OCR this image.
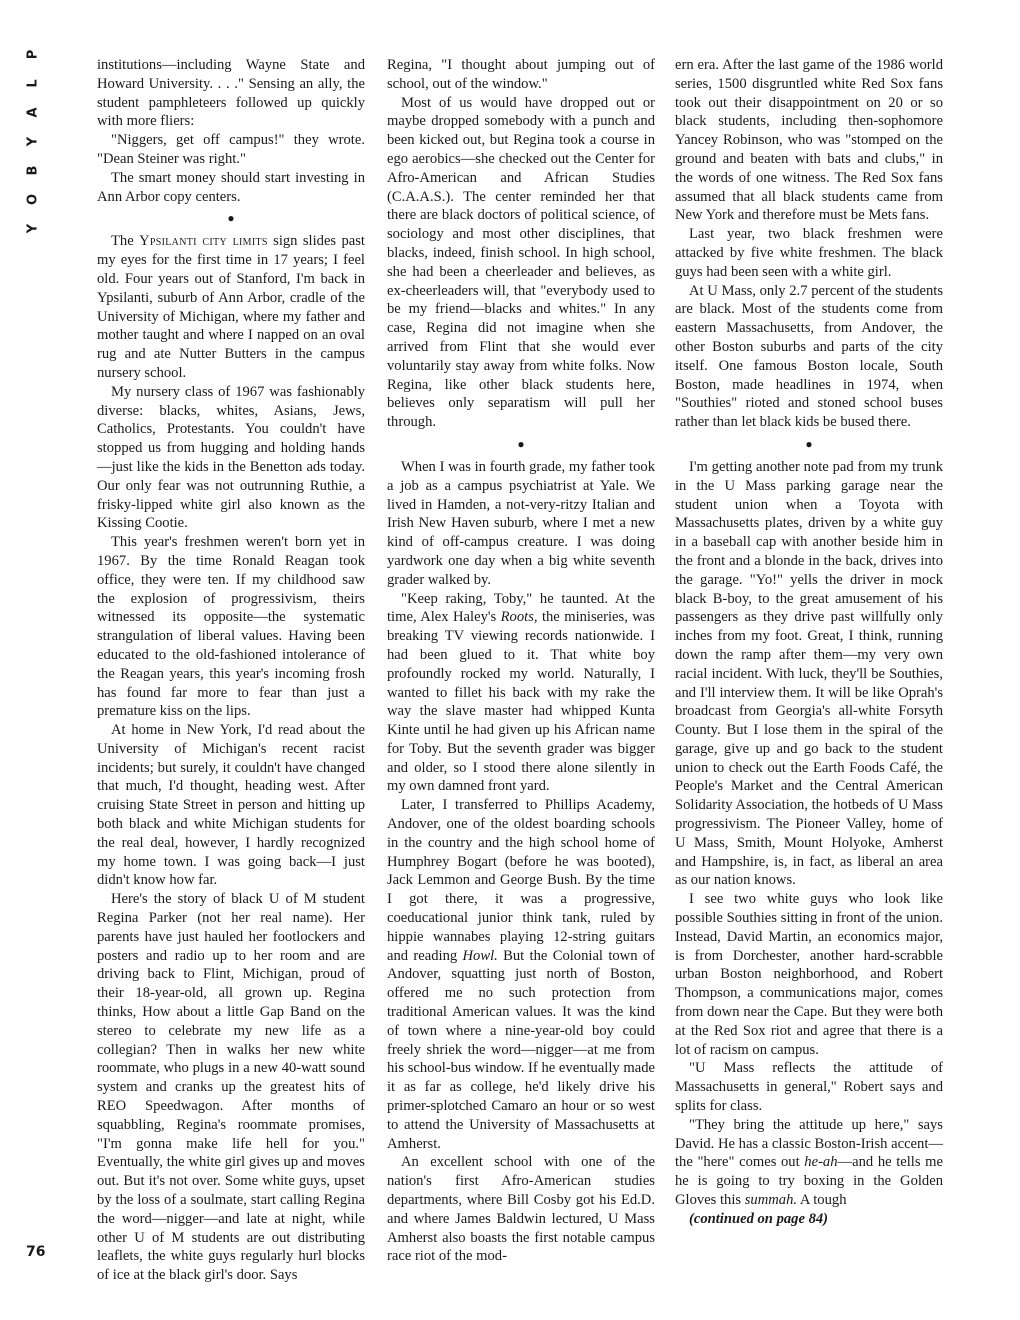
P
L
A
Y
B
O
Y
76

institutions—including Wayne State and Howard University. . . ." Sensing an ally, the student pamphleteers followed up quickly with more fliers:

"Niggers, get off campus!" they wrote. "Dean Steiner was right."

The smart money should start investing in Ann Arbor copy centers.

●

The Ypsilanti city limits sign slides past my eyes for the first time in 17 years; I feel old. Four years out of Stanford, I'm back in Ypsilanti, suburb of Ann Arbor, cradle of the University of Michigan, where my father and mother taught and where I napped on an oval rug and ate Nutter Butters in the campus nursery school.

My nursery class of 1967 was fashionably diverse: blacks, whites, Asians, Jews, Catholics, Protestants. You couldn't have stopped us from hugging and holding hands—just like the kids in the Benetton ads today. Our only fear was not outrunning Ruthie, a frisky-lipped white girl also known as the Kissing Cootie.

This year's freshmen weren't born yet in 1967. By the time Ronald Reagan took office, they were ten. If my childhood saw the explosion of progressivism, theirs witnessed its opposite—the systematic strangulation of liberal values. Having been educated to the old-fashioned intolerance of the Reagan years, this year's incoming frosh has found far more to fear than just a premature kiss on the lips.

At home in New York, I'd read about the University of Michigan's recent racist incidents; but surely, it couldn't have changed that much, I'd thought, heading west. After cruising State Street in person and hitting up both black and white Michigan students for the real deal, however, I hardly recognized my home town. I was going back—I just didn't know how far.

Here's the story of black U of M student Regina Parker (not her real name). Her parents have just hauled her footlockers and posters and radio up to her room and are driving back to Flint, Michigan, proud of their 18-year-old, all grown up. Regina thinks, How about a little Gap Band on the stereo to celebrate my new life as a collegian? Then in walks her new white roommate, who plugs in a new 40-watt sound system and cranks up the greatest hits of REO Speedwagon. After months of squabbling, Regina's roommate promises, "I'm gonna make life hell for you." Eventually, the white girl gives up and moves out. But it's not over. Some white guys, upset by the loss of a soulmate, start calling Regina the word—nigger—and late at night, while other U of M students are out distributing leaflets, the white guys regularly hurl blocks of ice at the black girl's door. Says

Regina, "I thought about jumping out of school, out of the window."

Most of us would have dropped out or maybe dropped somebody with a punch and been kicked out, but Regina took a course in ego aerobics—she checked out the Center for Afro-American and African Studies (C.A.A.S.). The center reminded her that there are black doctors of political science, of sociology and most other disciplines, that blacks, indeed, finish school. In high school, she had been a cheerleader and believes, as ex-cheerleaders will, that "everybody used to be my friend—blacks and whites." In any case, Regina did not imagine when she arrived from Flint that she would ever voluntarily stay away from white folks. Now Regina, like other black students here, believes only separatism will pull her through.

●

When I was in fourth grade, my father took a job as a campus psychiatrist at Yale. We lived in Hamden, a not-very-ritzy Italian and Irish New Haven suburb, where I met a new kind of off-campus creature. I was doing yardwork one day when a big white seventh grader walked by.

"Keep raking, Toby," he taunted. At the time, Alex Haley's Roots, the miniseries, was breaking TV viewing records nationwide. I had been glued to it. That white boy profoundly rocked my world. Naturally, I wanted to fillet his back with my rake the way the slave master had whipped Kunta Kinte until he had given up his African name for Toby. But the seventh grader was bigger and older, so I stood there alone silently in my own damned front yard.

Later, I transferred to Phillips Academy, Andover, one of the oldest boarding schools in the country and the high school home of Humphrey Bogart (before he was booted), Jack Lemmon and George Bush. By the time I got there, it was a progressive, coeducational junior think tank, ruled by hippie wannabes playing 12-string guitars and reading Howl. But the Colonial town of Andover, squatting just north of Boston, offered me no such protection from traditional American values. It was the kind of town where a nine-year-old boy could freely shriek the word—nigger—at me from his school-bus window. If he eventually made it as far as college, he'd likely drive his primer-splotched Camaro an hour or so west to attend the University of Massachusetts at Amherst.

An excellent school with one of the nation's first Afro-American studies departments, where Bill Cosby got his Ed.D. and where James Baldwin lectured, U Mass Amherst also boasts the first notable campus race riot of the mod-

ern era. After the last game of the 1986 world series, 1500 disgruntled white Red Sox fans took out their disappointment on 20 or so black students, including then-sophomore Yancey Robinson, who was "stomped on the ground and beaten with bats and clubs," in the words of one witness. The Red Sox fans assumed that all black students came from New York and therefore must be Mets fans.

Last year, two black freshmen were attacked by five white freshmen. The black guys had been seen with a white girl.

At U Mass, only 2.7 percent of the students are black. Most of the students come from eastern Massachusetts, from Andover, the other Boston suburbs and parts of the city itself. One famous Boston locale, South Boston, made headlines in 1974, when "Southies" rioted and stoned school buses rather than let black kids be bused there.

●

I'm getting another note pad from my trunk in the U Mass parking garage near the student union when a Toyota with Massachusetts plates, driven by a white guy in a baseball cap with another beside him in the front and a blonde in the back, drives into the garage. "Yo!" yells the driver in mock black B-boy, to the great amusement of his passengers as they drive past willfully only inches from my foot. Great, I think, running down the ramp after them—my very own racial incident. With luck, they'll be Southies, and I'll interview them. It will be like Oprah's broadcast from Georgia's all-white Forsyth County. But I lose them in the spiral of the garage, give up and go back to the student union to check out the Earth Foods Café, the People's Market and the Central American Solidarity Association, the hotbeds of U Mass progressivism. The Pioneer Valley, home of U Mass, Smith, Mount Holyoke, Amherst and Hampshire, is, in fact, as liberal an area as our nation knows.

I see two white guys who look like possible Southies sitting in front of the union. Instead, David Martin, an economics major, is from Dorchester, another hard-scrabble urban Boston neighborhood, and Robert Thompson, a communications major, comes from down near the Cape. But they were both at the Red Sox riot and agree that there is a lot of racism on campus.

"U Mass reflects the attitude of Massachusetts in general," Robert says and splits for class.

"They bring the attitude up here," says David. He has a classic Boston-Irish accent—the "here" comes out he-ah—and he tells me he is going to try boxing in the Golden Gloves this summah. A tough

(continued on page 84)
